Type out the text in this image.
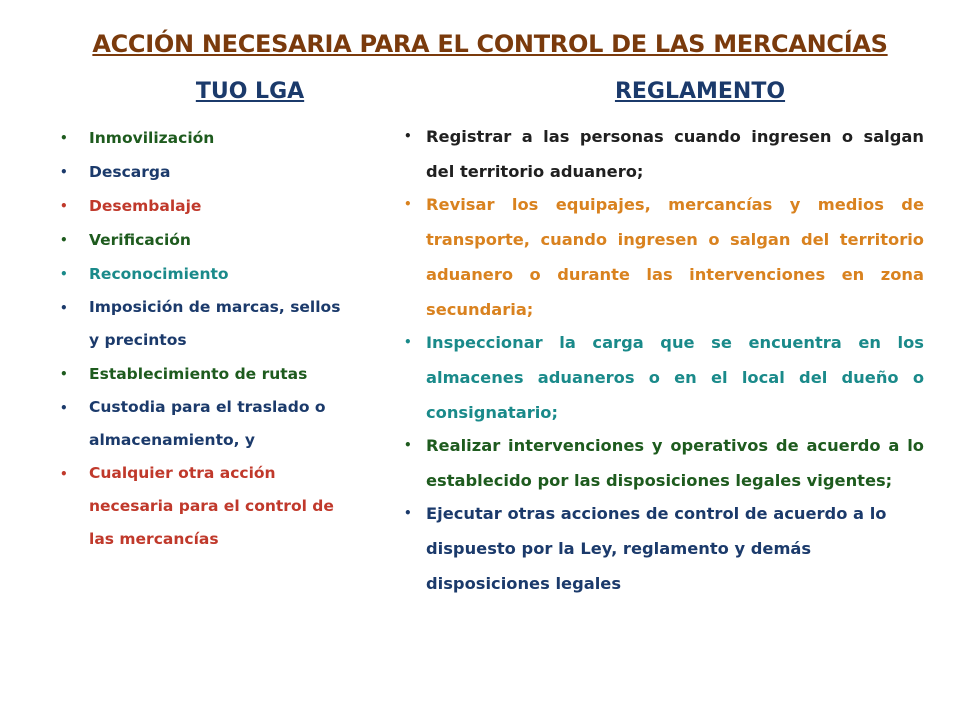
ACCIÓN NECESARIA PARA EL CONTROL DE LAS MERCANCÍAS
TUO LGA	REGLAMENTO
• Inmovilización
• Descarga
• Desembalaje
• Verificación
• Reconocimiento
• Imposición de marcas, sellos y precintos
• Establecimiento de rutas
• Custodia para el traslado o almacenamiento, y
• Cualquier otra acción necesaria para el control de las mercancías
• Registrar a las personas cuando ingresen o salgan del territorio aduanero;
• Revisar los equipajes, mercancías y medios de transporte, cuando ingresen o salgan del territorio aduanero o durante las intervenciones en zona secundaria;
• Inspeccionar la carga que se encuentra en los almacenes aduaneros o en el local del dueño o consignatario;
• Realizar intervenciones y operativos de acuerdo a lo establecido por las disposiciones legales vigentes;
• Ejecutar otras acciones de control de acuerdo a lo dispuesto por la Ley, reglamento y demás disposiciones legales
